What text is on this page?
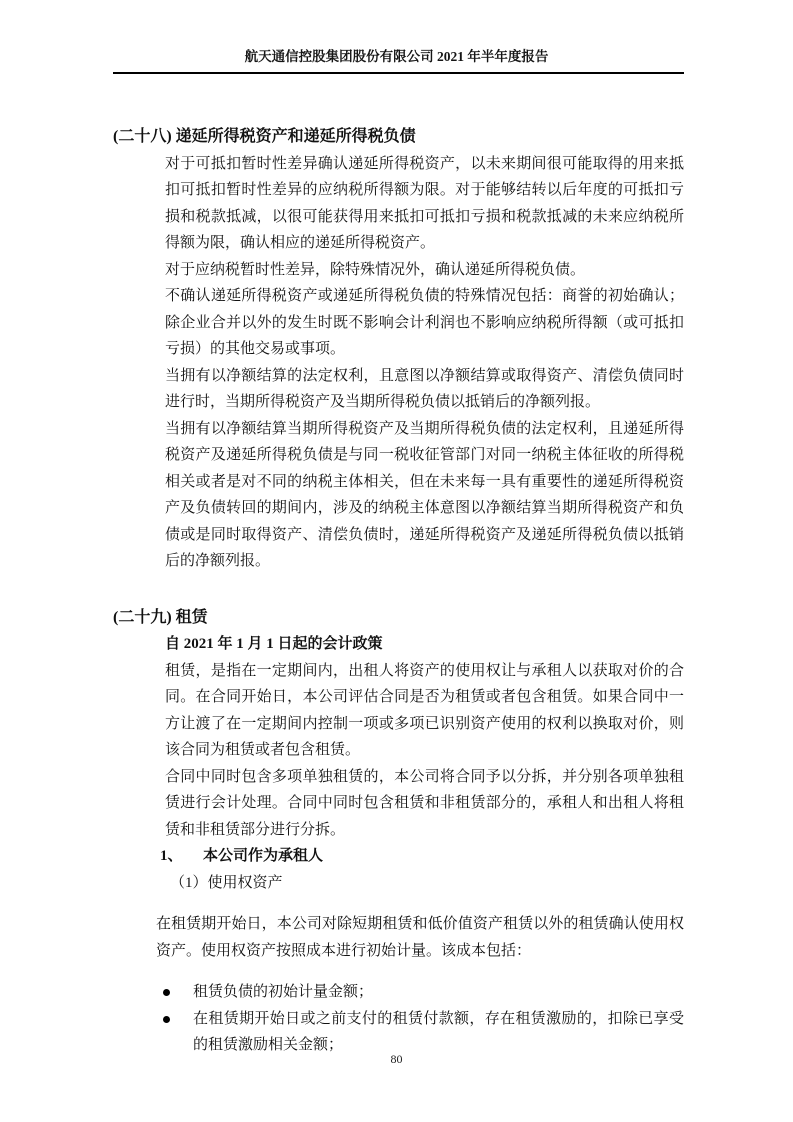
航天通信控股集团股份有限公司 2021 年半年度报告
(二十八) 递延所得税资产和递延所得税负债

对于可抵扣暂时性差异确认递延所得税资产，以未来期间很可能取得的用来抵扣可抵扣暂时性差异的应纳税所得额为限。对于能够结转以后年度的可抵扣亏损和税款抵减，以很可能获得用来抵扣可抵扣亏损和税款抵减的未来应纳税所得额为限，确认相应的递延所得税资产。

对于应纳税暂时性差异，除特殊情况外，确认递延所得税负债。

不确认递延所得税资产或递延所得税负债的特殊情况包括：商誉的初始确认；除企业合并以外的发生时既不影响会计利润也不影响应纳税所得额（或可抵扣亏损）的其他交易或事项。

当拥有以净额结算的法定权利，且意图以净额结算或取得资产、清偿负债同时进行时，当期所得税资产及当期所得税负债以抵销后的净额列报。

当拥有以净额结算当期所得税资产及当期所得税负债的法定权利，且递延所得税资产及递延所得税负债是与同一税收征管部门对同一纳税主体征收的所得税相关或者是对不同的纳税主体相关，但在未来每一具有重要性的递延所得税资产及负债转回的期间内，涉及的纳税主体意图以净额结算当期所得税资产和负债或是同时取得资产、清偿负债时，递延所得税资产及递延所得税负债以抵销后的净额列报。

(二十九) 租赁
自 2021 年 1 月 1 日起的会计政策

租赁，是指在一定期间内，出租人将资产的使用权让与承租人以获取对价的合同。在合同开始日，本公司评估合同是否为租赁或者包含租赁。如果合同中一方让渡了在一定期间内控制一项或多项已识别资产使用的权利以换取对价，则该合同为租赁或者包含租赁。

合同中同时包含多项单独租赁的，本公司将合同予以分拆，并分别各项单独租赁进行会计处理。合同中同时包含租赁和非租赁部分的，承租人和出租人将租赁和非租赁部分进行分拆。

1、	本公司作为承租人
（1）使用权资产

在租赁期开始日，本公司对除短期租赁和低价值资产租赁以外的租赁确认使用权资产。使用权资产按照成本进行初始计量。该成本包括：

租赁负债的初始计量金额；
在租赁期开始日或之前支付的租赁付款额，存在租赁激励的，扣除已享受的租赁激励相关金额；
80
